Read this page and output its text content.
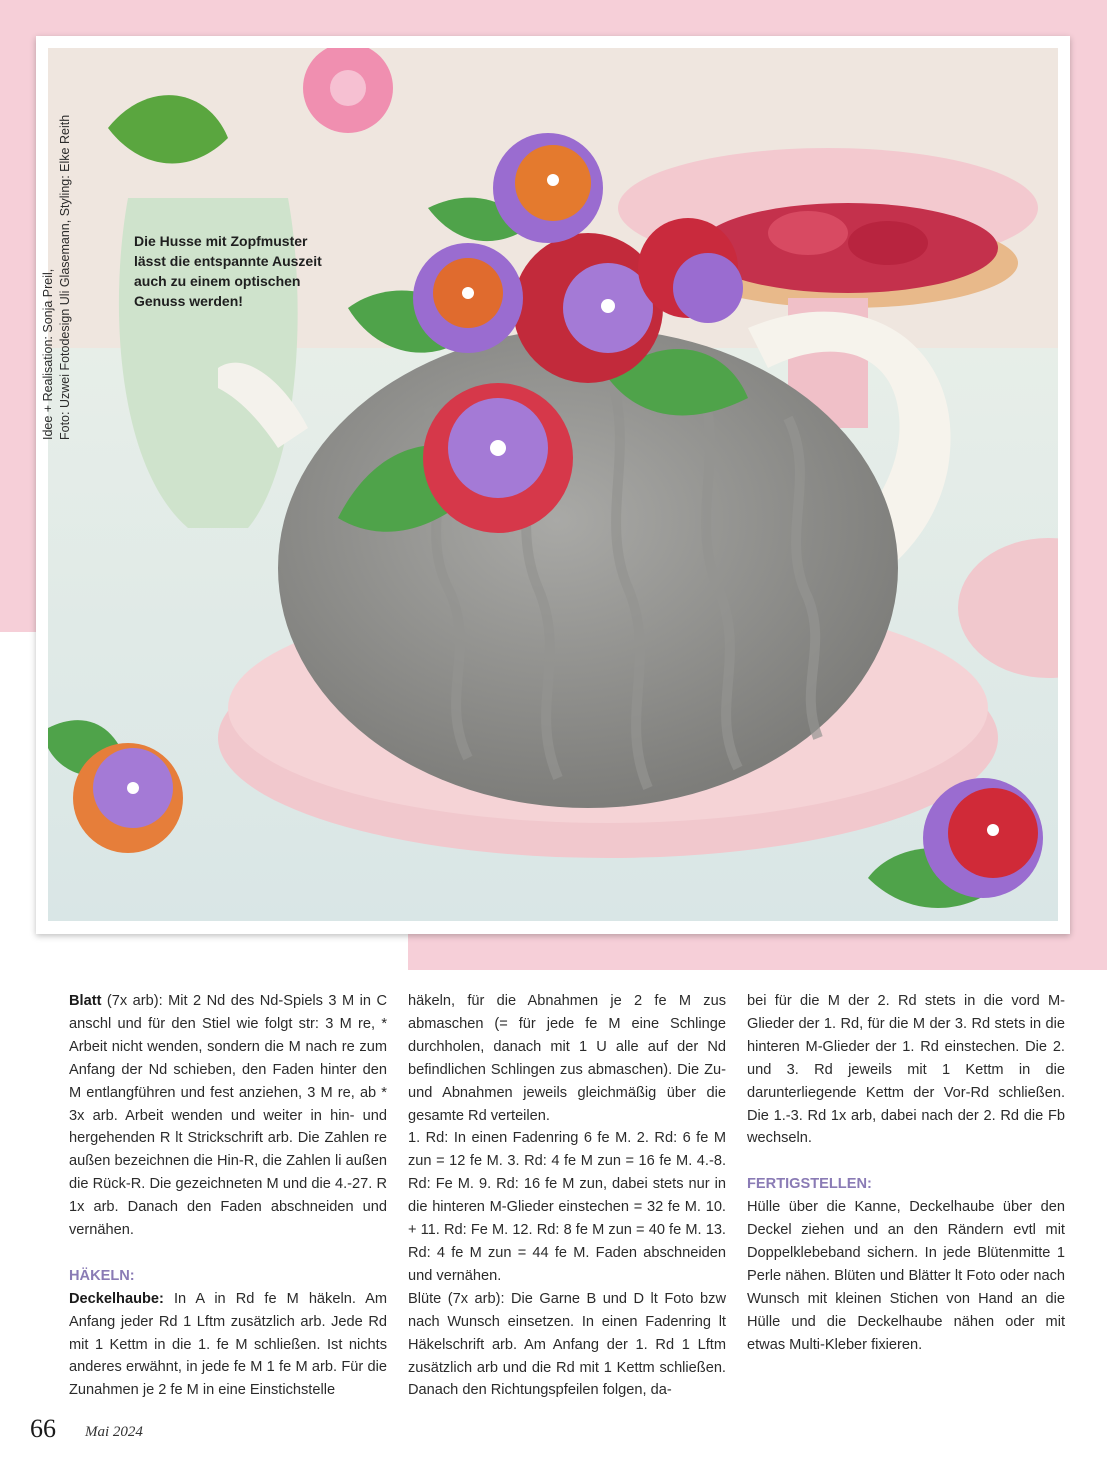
Idee + Realisation: Sonja Preil, Foto: Uzwei Fotodesign Uli Glasemann, Styling: Elke Reith	Die Husse mit Zopfmuster
lässt die entspannte Auszeit
auch zu einem optischen
Genuss werden!

Blatt (7x arb): Mit 2 Nd des Nd-Spiels 3 M in C anschl und für den Stiel wie folgt str: 3 M re, * Arbeit nicht wenden, sondern die M nach re zum Anfang der Nd schieben, den Faden hinter den M entlangführen und fest anziehen, 3 M re, ab * 3x arb. Arbeit wenden und weiter in hin- und hergehenden R lt Strickschrift arb. Die Zahlen re außen bezeichnen die Hin-R, die Zahlen li außen die Rück-R. Die gezeichneten M und die 4.-27. R 1x arb. Danach den Faden abschneiden und vernähen.

HÄKELN:

Deckelhaube: In A in Rd fe M häkeln. Am Anfang jeder Rd 1 Lftm zusätzlich arb. Jede Rd mit 1 Kettm in die 1. fe M schließen. Ist nichts anderes erwähnt, in jede fe M 1 fe M arb. Für die Zunahmen je 2 fe M in eine Einstichstelle

häkeln, für die Abnahmen je 2 fe M zus abmaschen (= für jede fe M eine Schlinge durchholen, danach mit 1 U alle auf der Nd befindlichen Schlingen zus abmaschen). Die Zu- und Abnahmen jeweils gleichmäßig über die gesamte Rd verteilen.

1. Rd: In einen Fadenring 6 fe M. 2. Rd: 6 fe M zun = 12 fe M. 3. Rd: 4 fe M zun = 16 fe M. 4.-8. Rd: Fe M. 9. Rd: 16 fe M zun, dabei stets nur in die hinteren M-Glieder einstechen = 32 fe M. 10. + 11. Rd: Fe M. 12. Rd: 8 fe M zun = 40 fe M. 13. Rd: 4 fe M zun = 44 fe M. Faden abschneiden und vernähen.

Blüte (7x arb): Die Garne B und D lt Foto bzw nach Wunsch einsetzen. In einen Fadenring lt Häkelschrift arb. Am Anfang der 1. Rd 1 Lftm zusätzlich arb und die Rd mit 1 Kettm schließen. Danach den Richtungspfeilen folgen, da-

bei für die M der 2. Rd stets in die vord M-Glieder der 1. Rd, für die M der 3. Rd stets in die hinteren M-Glieder der 1. Rd einstechen. Die 2. und 3. Rd jeweils mit 1 Kettm in die darunterliegende Kettm der Vor-Rd schließen. Die 1.-3. Rd 1x arb, dabei nach der 2. Rd die Fb wechseln.

FERTIGSTELLEN:

Hülle über die Kanne, Deckelhaube über den Deckel ziehen und an den Rändern evtl mit Doppelklebeband sichern. In jede Blütenmitte 1 Perle nähen. Blüten und Blätter lt Foto oder nach Wunsch mit kleinen Stichen von Hand an die Hülle und die Deckelhaube nähen oder mit etwas Multi-Kleber fixieren.

66 Mai 2024
